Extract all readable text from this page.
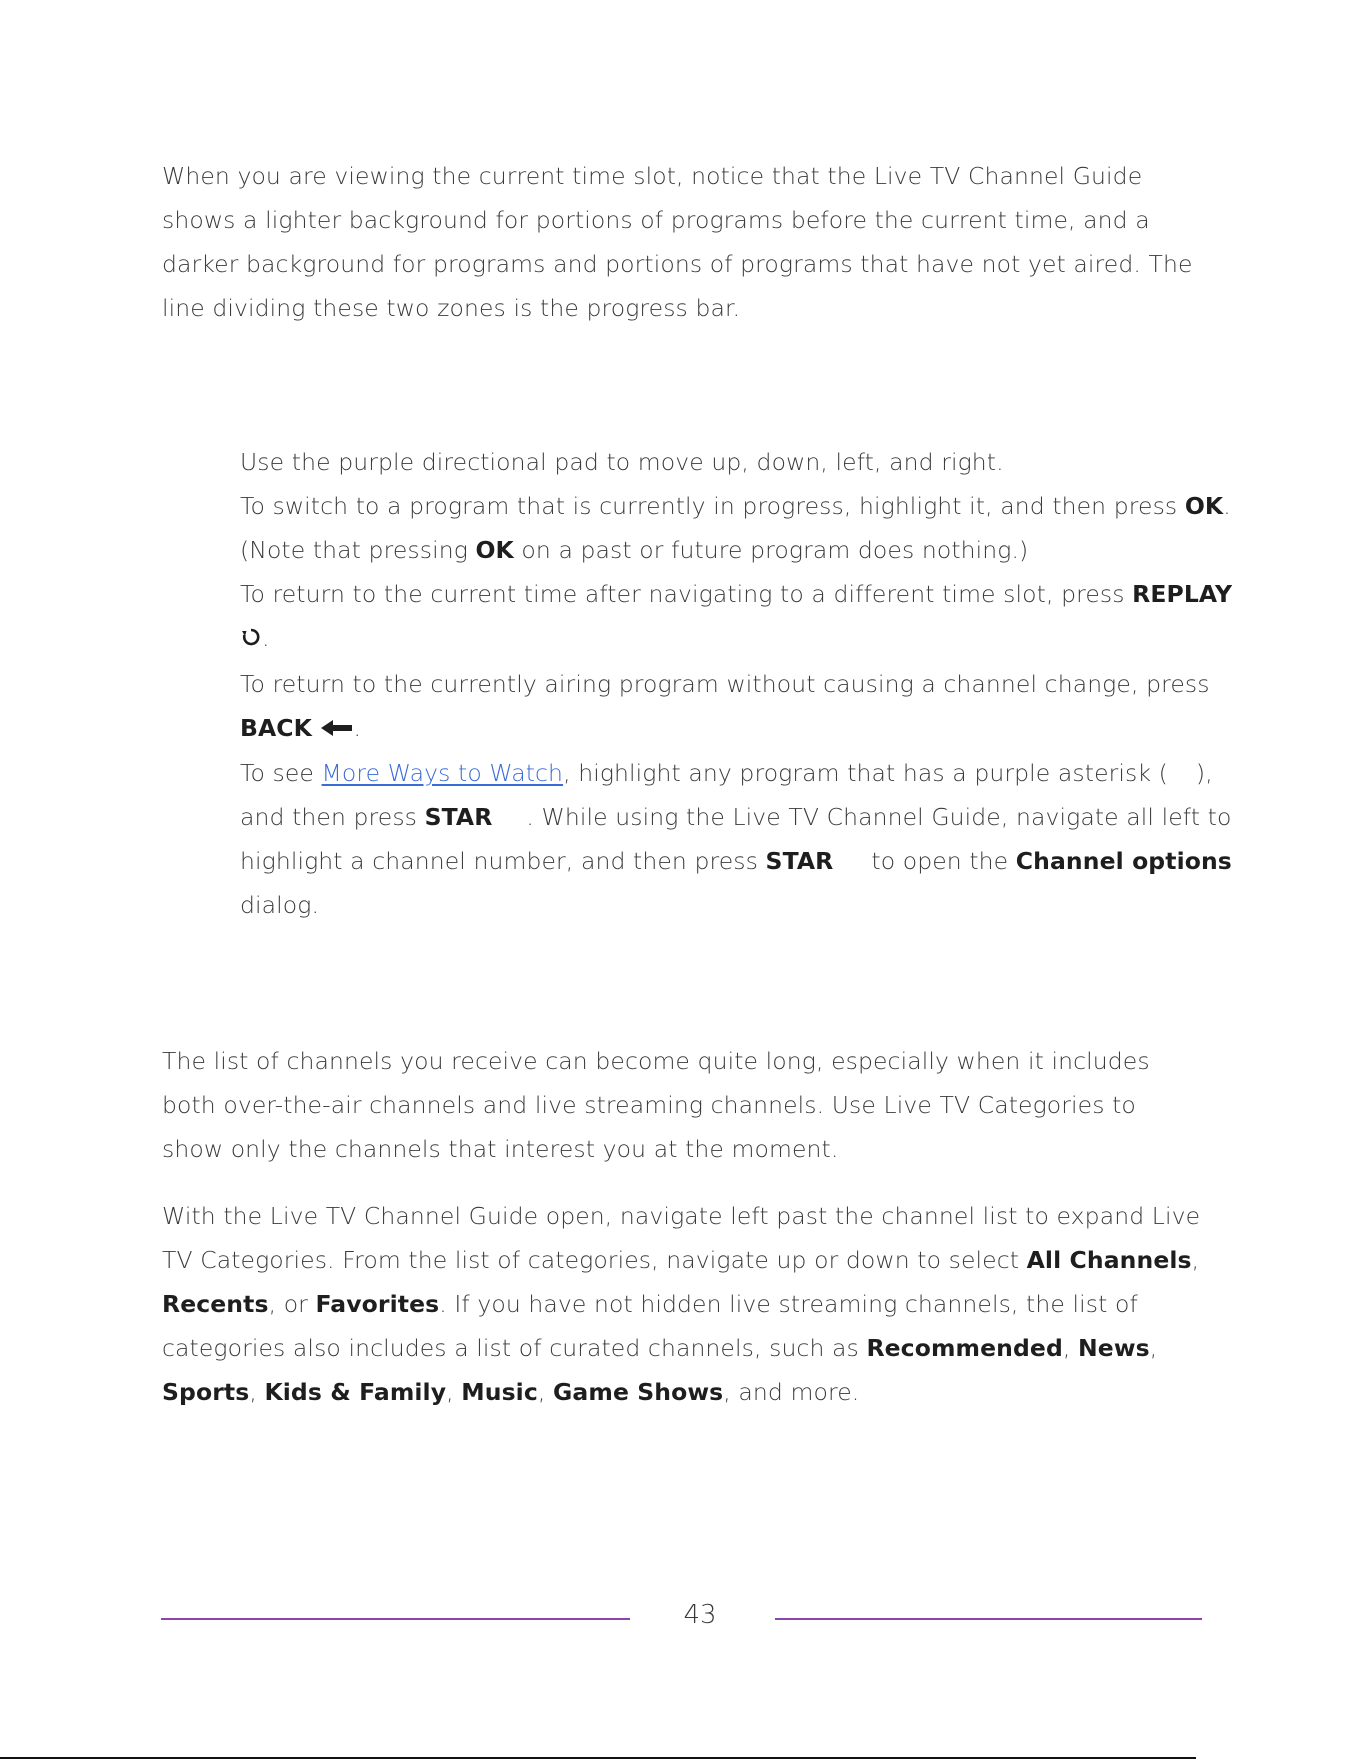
When you are viewing the current time slot, notice that the Live TV Channel Guide shows a lighter background for portions of programs before the current time, and a darker background for programs and portions of programs that have not yet aired. The line dividing these two zones is the progress bar.

Use the purple directional pad to move up, down, left, and right.

To switch to a program that is currently in progress, highlight it, and then press OK. (Note that pressing OK on a past or future program does nothing.)

To return to the current time after navigating to a different time slot, press REPLAY.

To return to the currently airing program without causing a channel change, press BACK .

To see More Ways to Watch, highlight any program that has a purple asterisk ( ), and then press STAR . While using the Live TV Channel Guide, navigate all left to highlight a channel number, and then press STAR to open the Channel options dialog.

The list of channels you receive can become quite long, especially when it includes both over-the-air channels and live streaming channels. Use Live TV Categories to show only the channels that interest you at the moment.

With the Live TV Channel Guide open, navigate left past the channel list to expand Live TV Categories. From the list of categories, navigate up or down to select All Channels, Recents, or Favorites. If you have not hidden live streaming channels, the list of categories also includes a list of curated channels, such as Recommended, News, Sports, Kids & Family, Music, Game Shows, and more.

43
